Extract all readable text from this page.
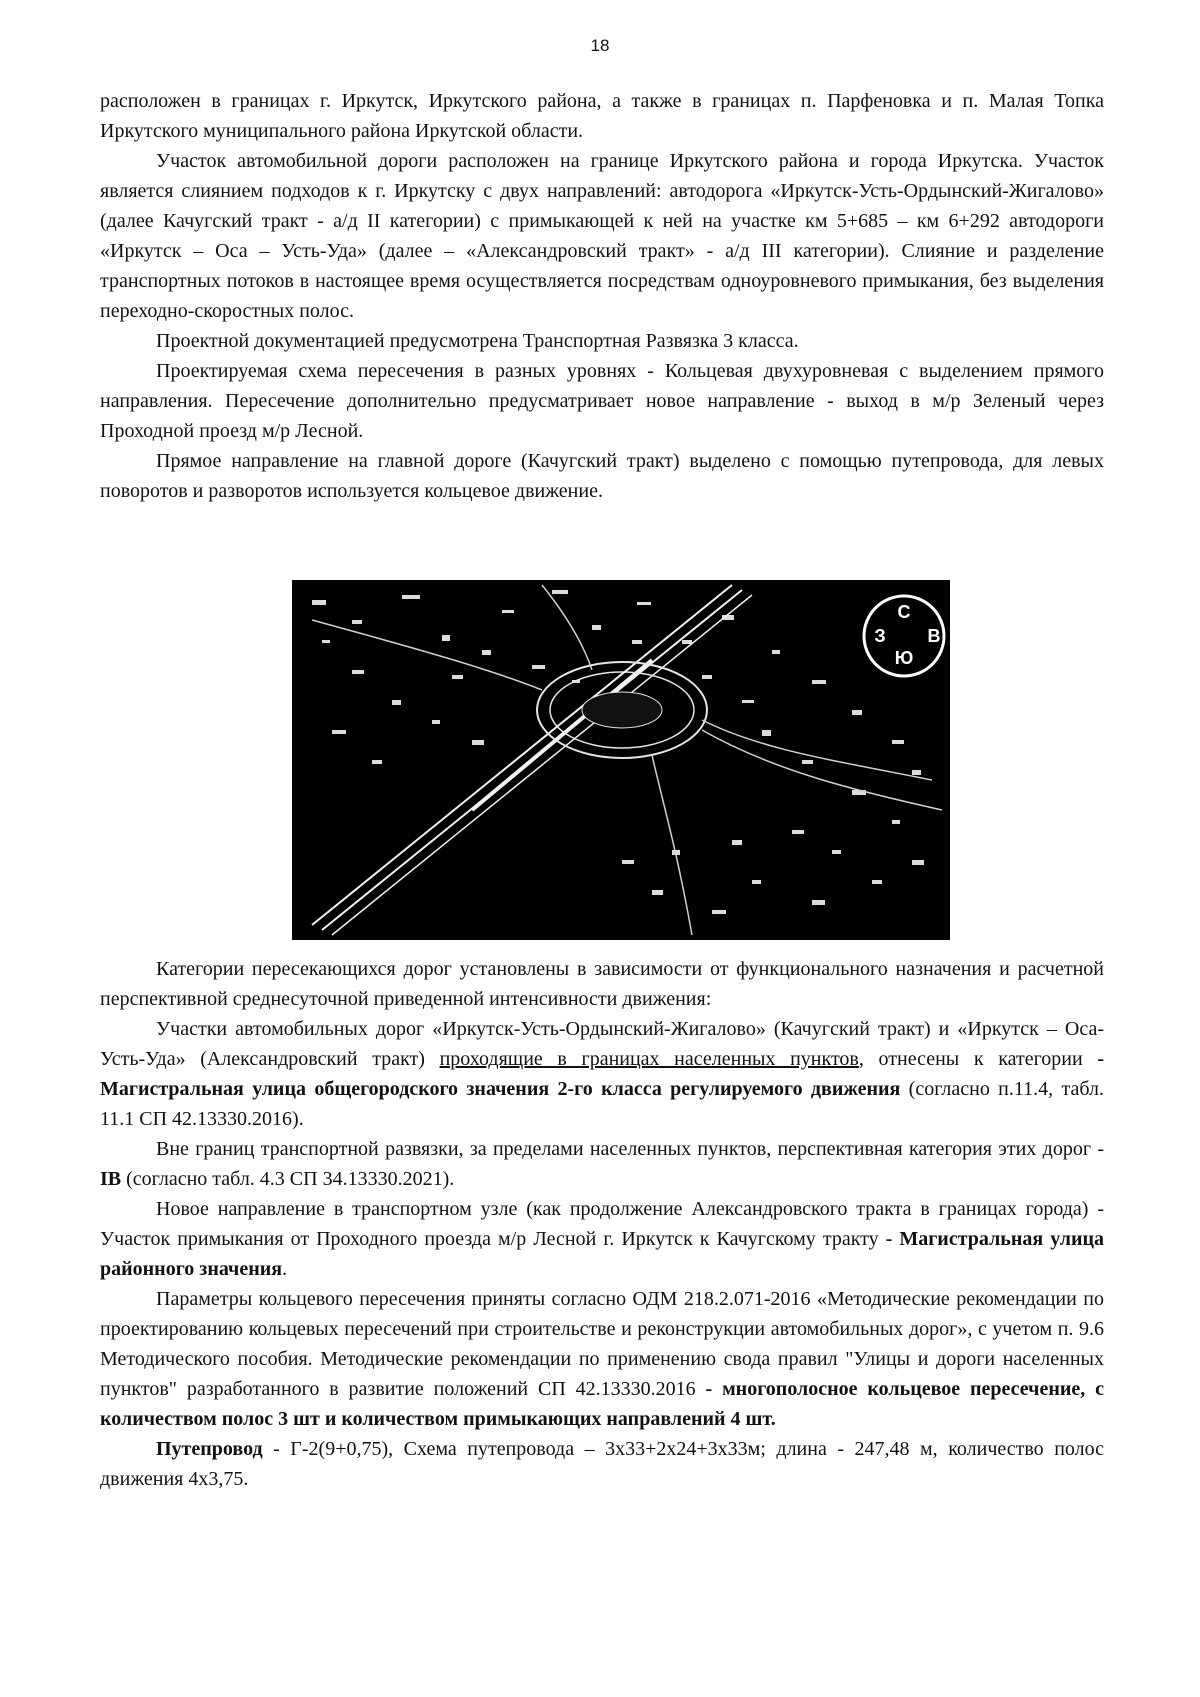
18

расположен в границах г. Иркутск, Иркутского района, а также в границах п. Парфеновка и п. Малая Топка Иркутского муниципального района Иркутской области.

Участок автомобильной дороги расположен на границе Иркутского района и города Иркутска. Участок является слиянием подходов к г. Иркутску с двух направлений: автодорога «Иркутск-Усть-Ордынский-Жигалово» (далее Качугский тракт - а/д II категории) с примыкающей к ней на участке км 5+685 – км 6+292 автодороги «Иркутск – Оса – Усть-Уда» (далее – «Александровский тракт» - а/д III категории). Слияние и разделение транспортных потоков в настоящее время осуществляется посредствам одноуровневого примыкания, без выделения переходно-скоростных полос.

Проектной документацией предусмотрена Транспортная Развязка 3 класса.

Проектируемая схема пересечения в разных уровнях - Кольцевая двухуровневая с выделением прямого направления. Пересечение дополнительно предусматривает новое направление - выход в м/р Зеленый через Проходной проезд м/р Лесной.

Прямое направление на главной дороге (Качугский тракт) выделено с помощью путепровода, для левых поворотов и разворотов используется кольцевое движение.

С
З В
Ю

Категории пересекающихся дорог установлены в зависимости от функционального назначения и расчетной перспективной среднесуточной приведенной интенсивности движения:

Участки автомобильных дорог «Иркутск-Усть-Ордынский-Жигалово» (Качугский тракт) и «Иркутск – Оса- Усть-Уда» (Александровский тракт) проходящие в границах населенных пунктов, отнесены к категории - Магистральная улица общегородского значения 2-го класса регулируемого движения (согласно п.11.4, табл. 11.1 СП 42.13330.2016).

Вне границ транспортной развязки, за пределами населенных пунктов, перспективная категория этих дорог - IB (согласно табл. 4.3 СП 34.13330.2021).

Новое направление в транспортном узле (как продолжение Александровского тракта в границах города) - Участок примыкания от Проходного проезда м/р Лесной г. Иркутск к Качугскому тракту - Магистральная улица районного значения.

Параметры кольцевого пересечения приняты согласно ОДМ 218.2.071-2016 «Методические рекомендации по проектированию кольцевых пересечений при строительстве и реконструкции автомобильных дорог», с учетом п. 9.6 Методического пособия. Методические рекомендации по применению свода правил "Улицы и дороги населенных пунктов" разработанного в развитие положений СП 42.13330.2016 - многополосное кольцевое пересечение, с количеством полос 3 шт и количеством примыкающих направлений 4 шт.

Путепровод - Г-2(9+0,75), Схема путепровода – 3х33+2х24+3х33м; длина - 247,48 м, количество полос движения 4х3,75.
